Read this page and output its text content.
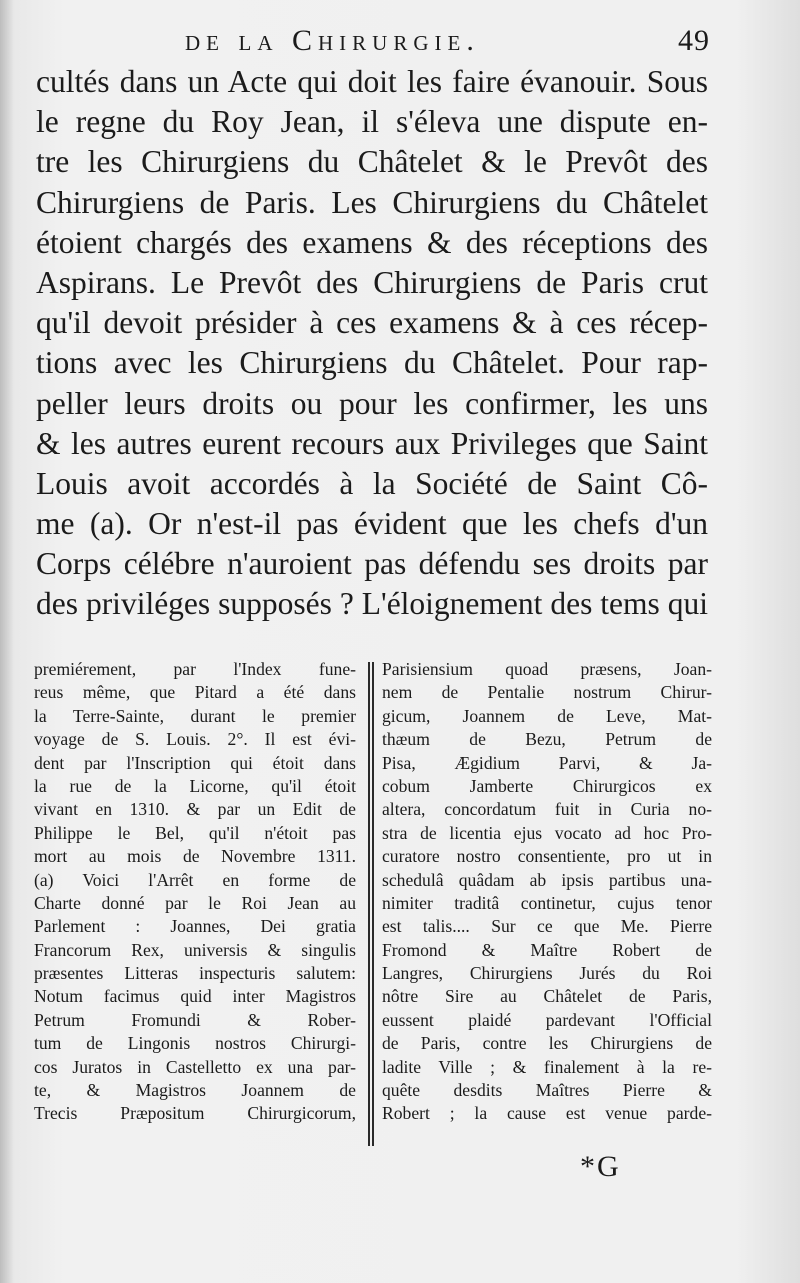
de la Chirurgie.	49
cultés dans un Acte qui doit les faire évanouir. Sous
le regne du Roy Jean, il s'éleva une dispute en-
tre les Chirurgiens du Châtelet & le Prevôt des
Chirurgiens de Paris. Les Chirurgiens du Châtelet
étoient chargés des examens & des réceptions des
Aspirans. Le Prevôt des Chirurgiens de Paris crut
qu'il devoit présider à ces examens & à ces récep-
tions avec les Chirurgiens du Châtelet. Pour rap-
peller leurs droits ou pour les confirmer, les uns
& les autres eurent recours aux Privileges que Saint
Louis avoit accordés à la Société de Saint Cô-
me (a). Or n'est-il pas évident que les chefs d'un
Corps célébre n'auroient pas défendu ses droits par
des priviléges supposés ? L'éloignement des tems qui
premiérement, par l'Index fune-
reus même, que Pitard a été dans
la Terre-Sainte, durant le premier
voyage de S. Louis. 2°. Il est évi-
dent par l'Inscription qui étoit dans
la rue de la Licorne, qu'il étoit
vivant en 1310. & par un Edit de
Philippe le Bel, qu'il n'étoit pas
mort au mois de Novembre 1311.
(a) Voici l'Arrêt en forme de
Charte donné par le Roi Jean au
Parlement : Joannes, Dei gratia
Francorum Rex, universis & singulis
præsentes Litteras inspecturis salutem:
Notum facimus quid inter Magistros
Petrum Fromundi & Rober-
tum de Lingonis nostros Chirurgi-
cos Juratos in Castelletto ex una par-
te, & Magistros Joannem de
Trecis Præpositum Chirurgicorum,
Parisiensium quoad præsens, Joan-
nem de Pentalie nostrum Chirur-
gicum, Joannem de Leve, Mat-
thæum de Bezu, Petrum de
Pisa, Ægidium Parvi, & Ja-
cobum Jamberte Chirurgicos ex
altera, concordatum fuit in Curia no-
stra de licentia ejus vocato ad hoc Pro-
curatore nostro consentiente, pro ut in
schedulâ quâdam ab ipsis partibus una-
nimiter traditâ continetur, cujus tenor
est talis.... Sur ce que Me. Pierre
Fromond & Maître Robert de
Langres, Chirurgiens Jurés du Roi
nôtre Sire au Châtelet de Paris,
eussent plaidé pardevant l'Official
de Paris, contre les Chirurgiens de
ladite Ville ; & finalement à la re-
quête desdits Maîtres Pierre &
Robert ; la cause est venue parde-
*G
